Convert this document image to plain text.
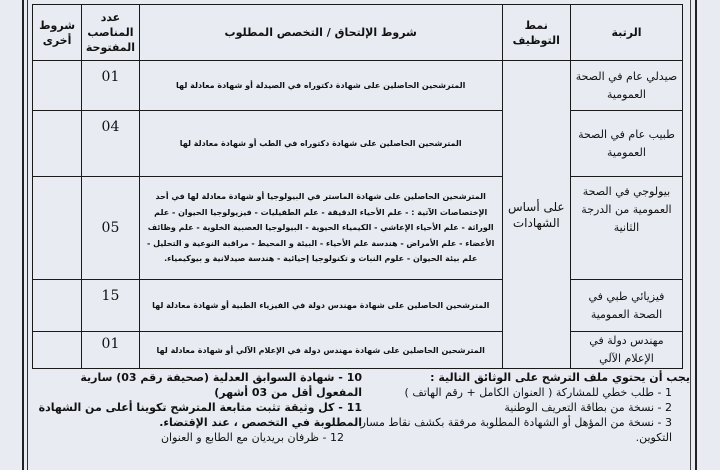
الرتبة	نمط التوظيف	شروط الإلتحاق / التخصص المطلوب	عدد المناصب المفتوحة	شروط أخرى
صيدلي عام في الصحة العمومية	على أساس الشهادات	المترشحين الحاصلين على شهادة دكتوراه في الصيدلة أو شهادة معادلة لها	01	
طبيب عام في الصحة العمومية		المترشحين الحاصلين على شهادة دكتوراه في الطب أو شهادة معادلة لها	04	
بيولوجي في الصحة العمومية من الدرجة الثانية		المترشحين الحاصلين على شهادة الماستر في البيولوجيا أو شهادة معادلة لها في أحد الإختصاصات الآتية : - علم الأحياء الدقيقة - علم الطفيليات - فيزيولوجيا الحيوان - علم الوراثة - علم الأحياء الإعاشي - الكيمياء الحيوية - البيولوجيا العصبية الخلوية - علم وظائف الأعضاء - علم الأمراض - هندسة علم الأحياء - البيئة و المحيط - مراقبة النوعية و التحليل - علم بيئة الحيوان - علوم النبات و تكنولوجيا إحيائية - هندسة صيدلانية و بيوكيمياء.	05	
فيزيائي طبي في الصحة العمومية		المترشحين الحاصلين على شهادة مهندس دولة في الفيزياء الطبية أو شهادة معادلة لها	15	
مهندس دولة في الإعلام الآلي		المترشحين الحاصلين على شهادة مهندس دولة في الإعلام الآلي أو شهادة معادلة لها	01	

يجب أن يحتوي ملف الترشح على الوثائق التالية :

1 - طلب خطي للمشاركة ( العنوان الكامل + رقم الهاتف )

2 - نسخة من بطاقة التعريف الوطنية

3 - نسخة من المؤهل أو الشهادة المطلوبة مرفقة بكشف نقاط مسار التكوين.

10 - شهادة السوابق العدلية (صحيفة رقم 03) سارية المفعول أقل من 03 أشهر)

11 - كل وثيقة تثبت متابعة المترشح تكوينا أعلى من الشهادة المطلوبة في التخصص ، عند الإقتضاء.

12 - ظرفان بريديان مع الطابع و العنوان
